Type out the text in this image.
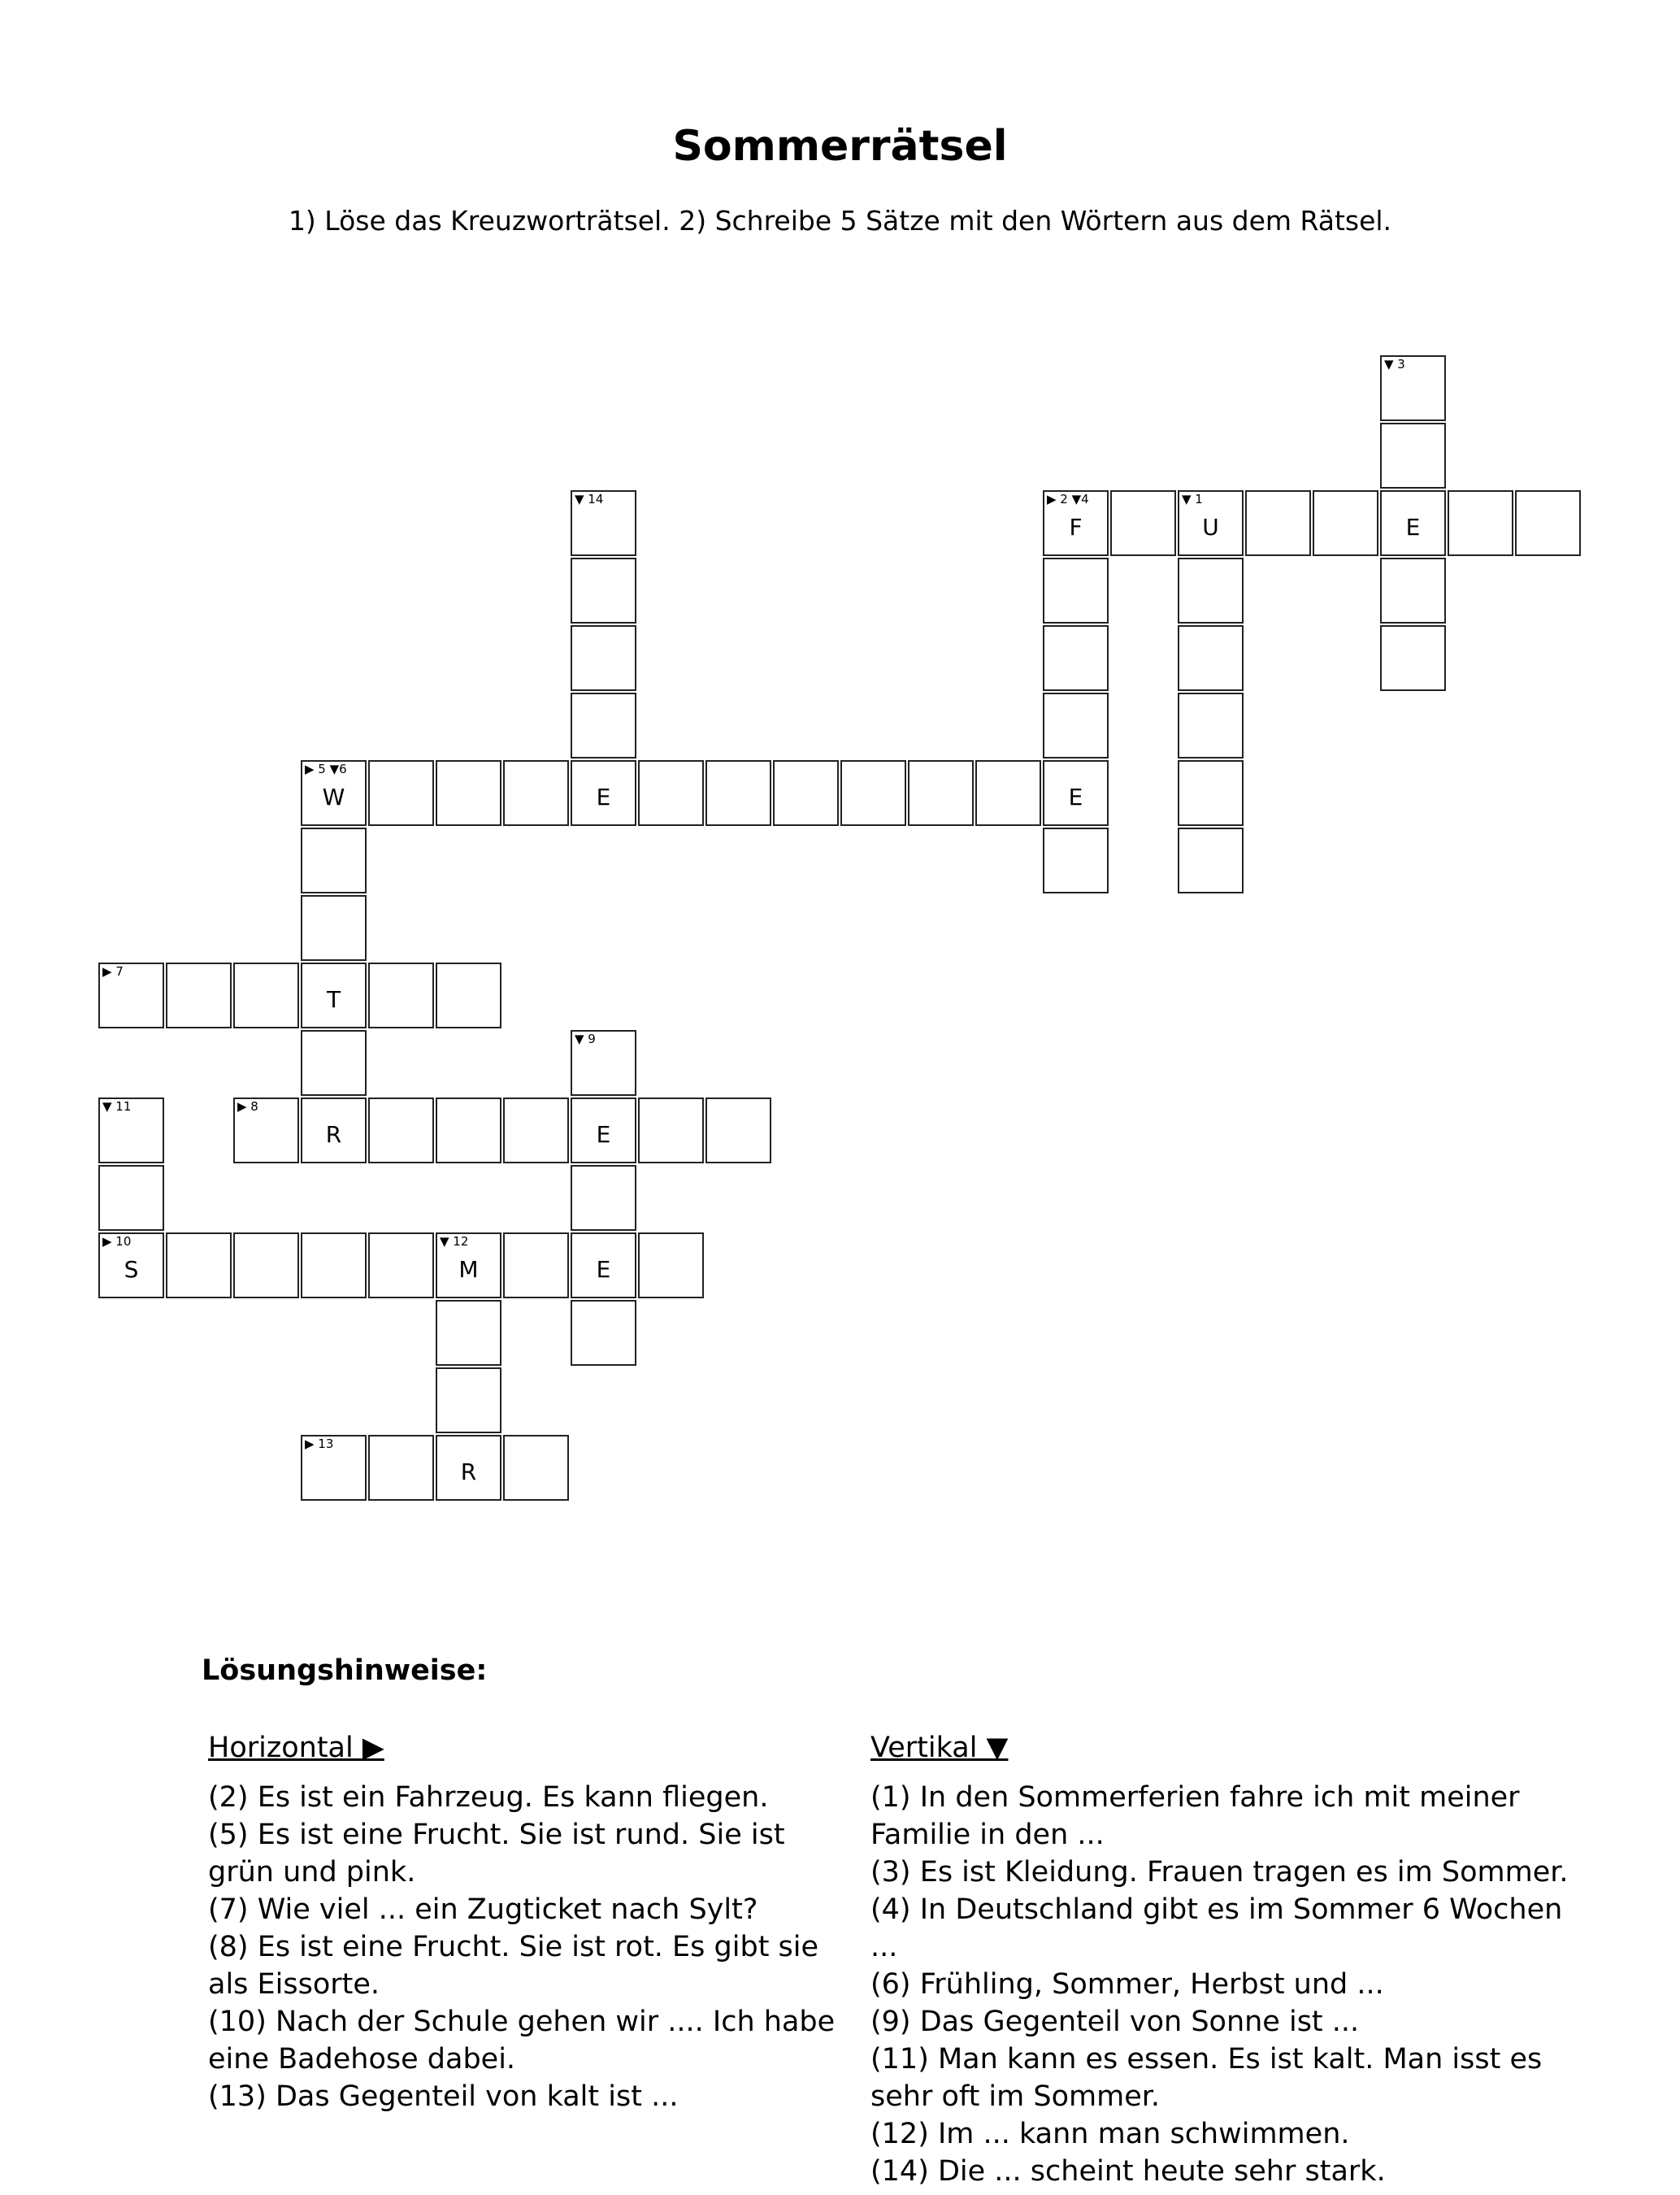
Sommerrätsel
1) Löse das Kreuzworträtsel. 2) Schreibe 5 Sätze mit den Wörtern aus dem Rätsel.
▼ 3
▼ 14	▶ 2 ▼4
F
▼ 1
U	E
▶ 5 ▼6
W	E	E
▶ 7
T
▼ 9
▼ 11	▶ 8
R	E
▶ 10
S
▼ 12
M	E
▶ 13
R
Lösungshinweise:
Horizontal ▶	Vertikal ▼
(2) Es ist ein Fahrzeug. Es kann fliegen.
(5) Es ist eine Frucht. Sie ist rund. Sie ist grün und pink.
(7) Wie viel ... ein Zugticket nach Sylt?
(8) Es ist eine Frucht. Sie ist rot. Es gibt sie als Eissorte.
(10) Nach der Schule gehen wir .... Ich habe eine Badehose dabei.
(13) Das Gegenteil von kalt ist ...
(1) In den Sommerferien fahre ich mit meiner Familie in den ...
(3) Es ist Kleidung. Frauen tragen es im Sommer.
(4) In Deutschland gibt es im Sommer 6 Wochen ...
(6) Frühling, Sommer, Herbst und ...
(9) Das Gegenteil von Sonne ist ...
(11) Man kann es essen. Es ist kalt. Man isst es sehr oft im Sommer.
(12) Im ... kann man schwimmen.
(14) Die ... scheint heute sehr stark.
